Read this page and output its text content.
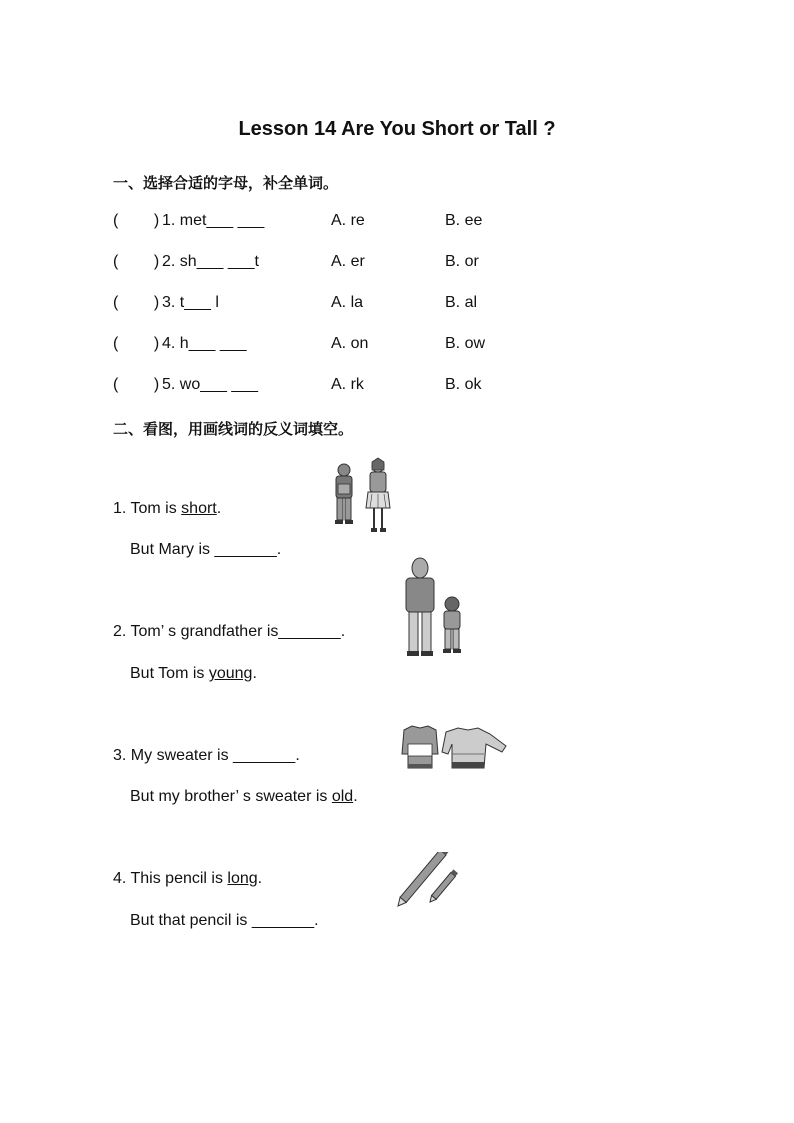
Lesson 14 Are You Short or Tall ?
一、选择合适的字母，补全单词。
(        ) 1. met___ ___	A. re	B. ee
(        ) 2. sh___ ___t	A. er	B. or
(        ) 3. t___ l	A. la	B. al
(        ) 4. h___ ___	A. on	B. ow
(        ) 5. wo___ ___	A. rk	B. ok
二、看图，用画线词的反义词填空。
1. Tom is short.
But Mary is _______.
2. Tom’ s grandfather is_______.
But Tom is young.
3. My sweater is _______.
But my brother’ s sweater is old.
4. This pencil is long.
But that pencil is _______.
